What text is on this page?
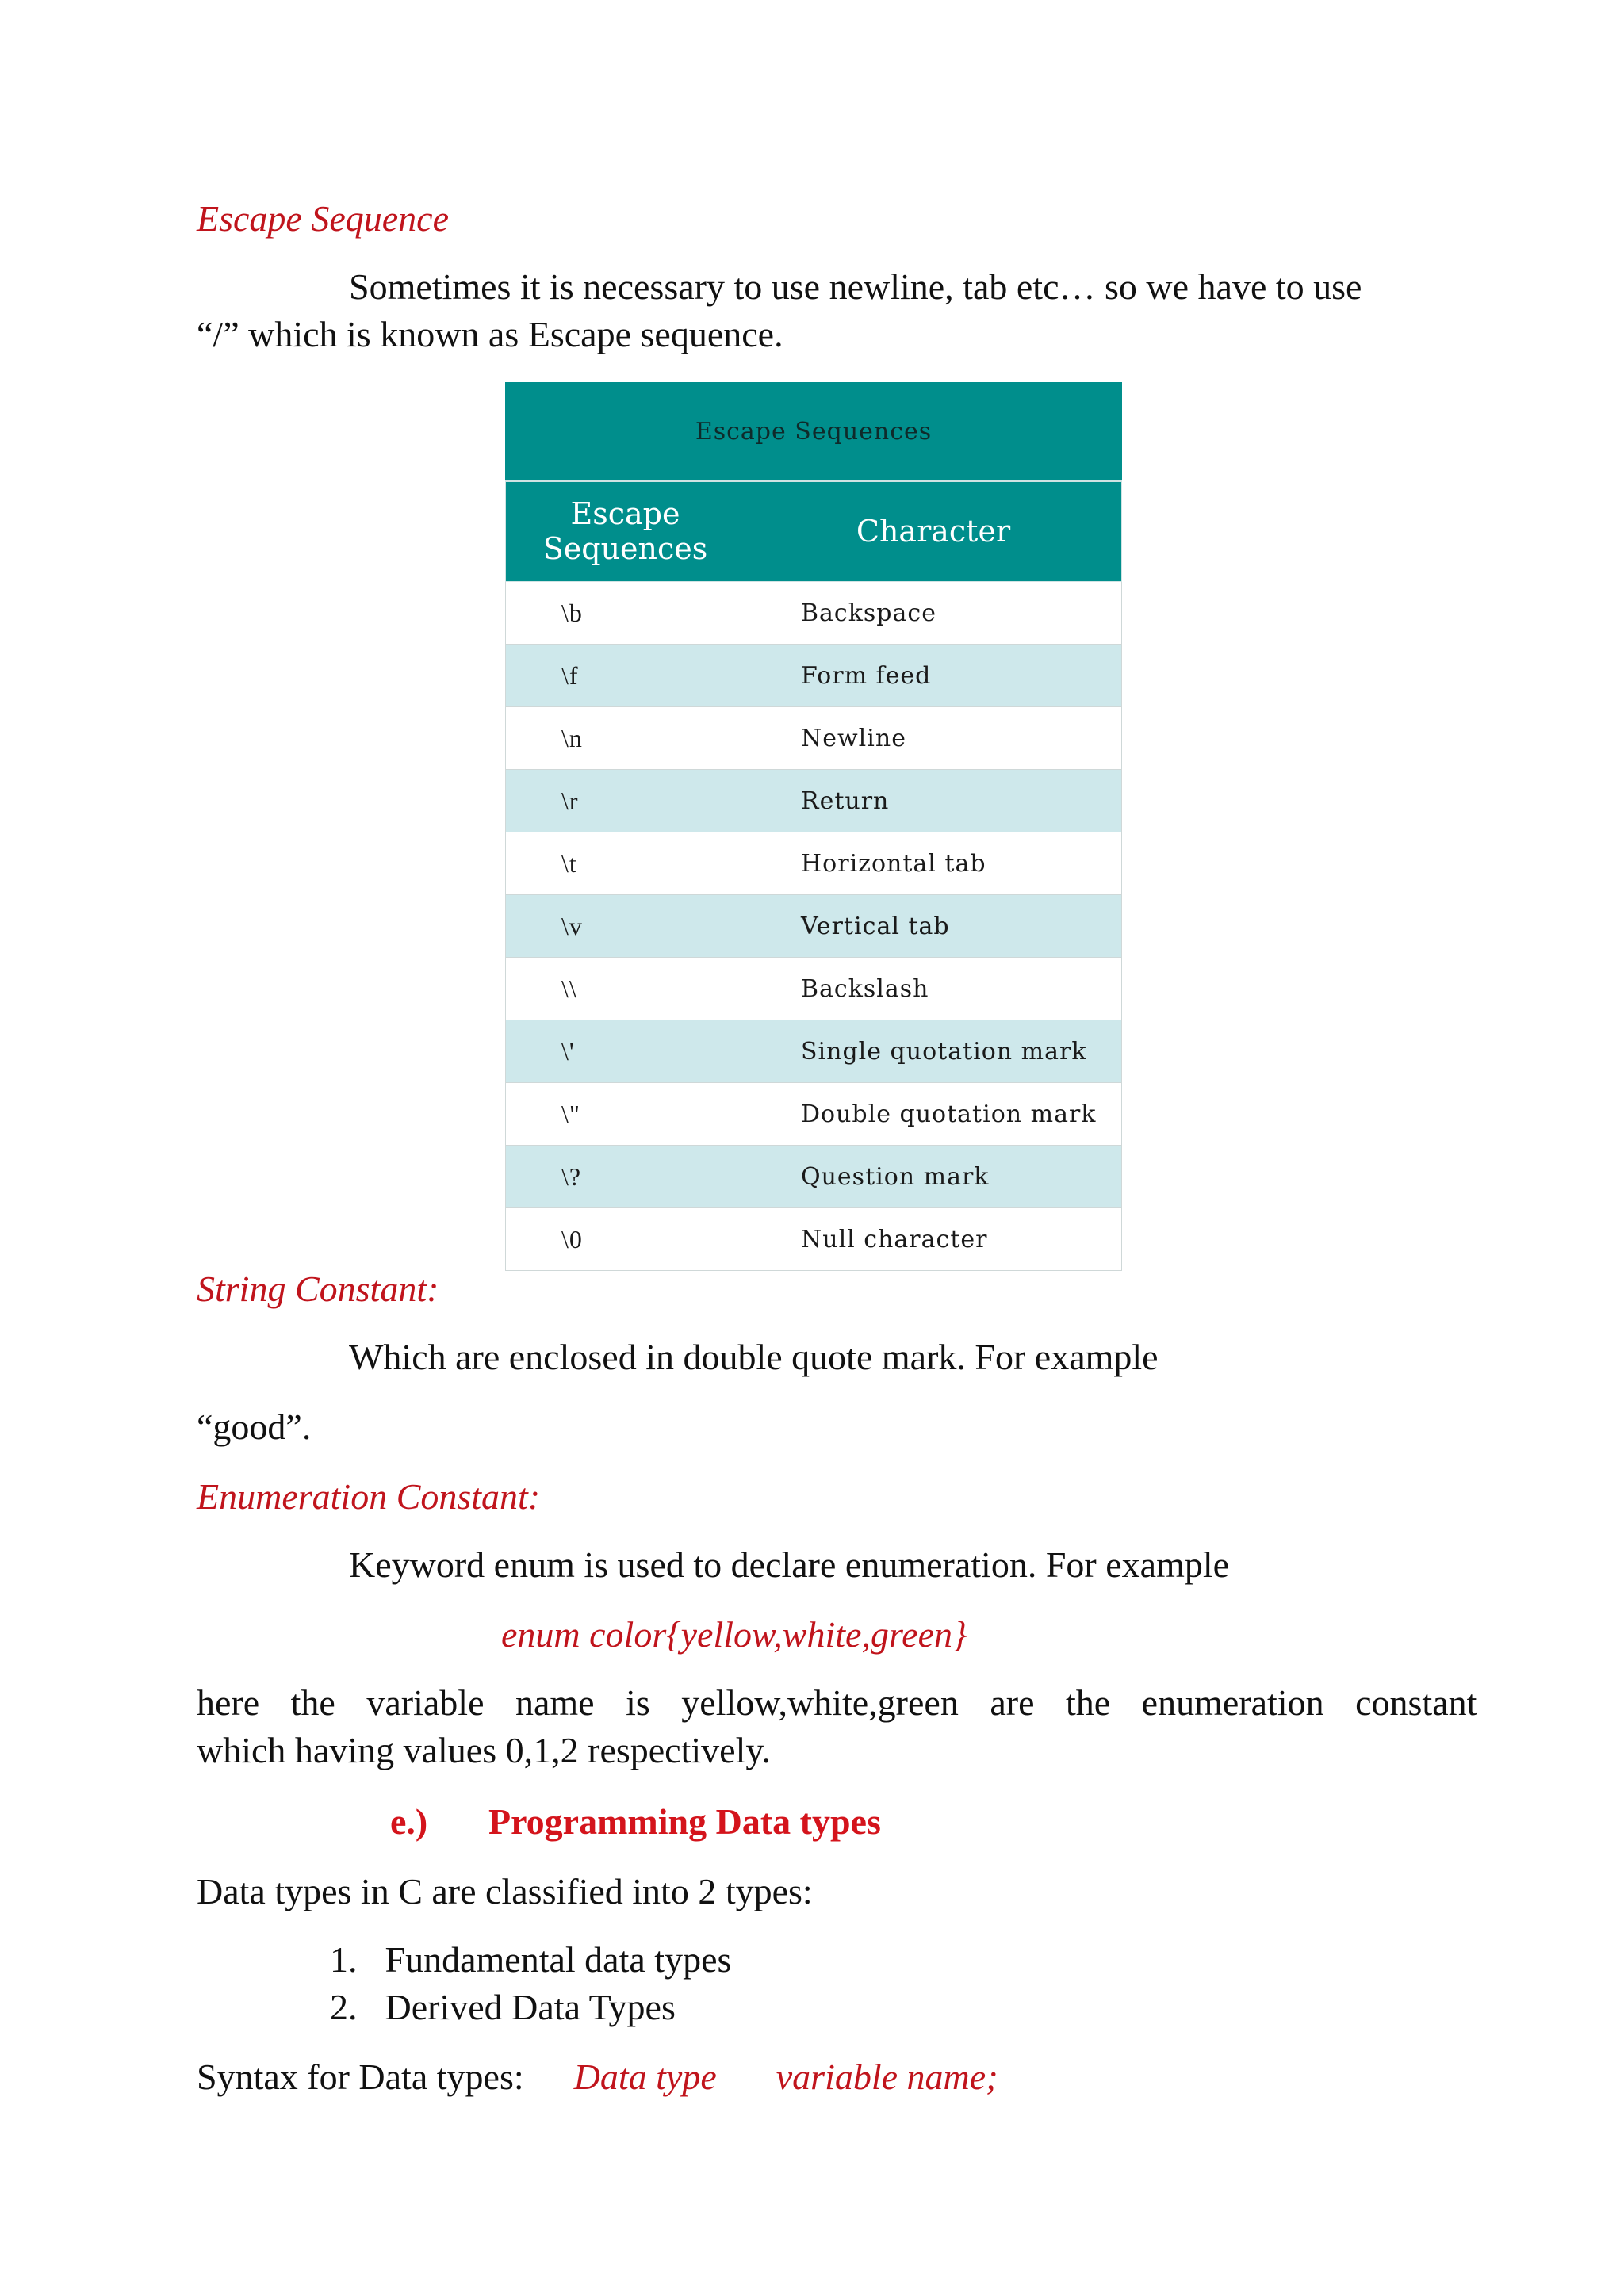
Escape Sequence
Sometimes it is necessary to use newline, tab etc… so we have to use
“/” which is known as Escape sequence.
Escape Sequences	
Escape Sequences	Character
\b	Backspace
\f	Form feed
\n	Newline
\r	Return
\t	Horizontal tab
\v	Vertical tab
\\	Backslash
\'	Single quotation mark
\"	Double quotation mark
\?	Question mark
\0	Null character
String Constant:
Which are enclosed in double quote mark. For example
“good”.
Enumeration Constant:
Keyword enum is used to declare enumeration. For example
enum color{yellow,white,green}
here the variable name is yellow,white,green are the enumeration constant
which having values 0,1,2 respectively.
e.) Programming Data types
Data types in C are classified into 2 types:
1. Fundamental data types
2. Derived Data Types
Syntax for Data types: Data type variable name;
